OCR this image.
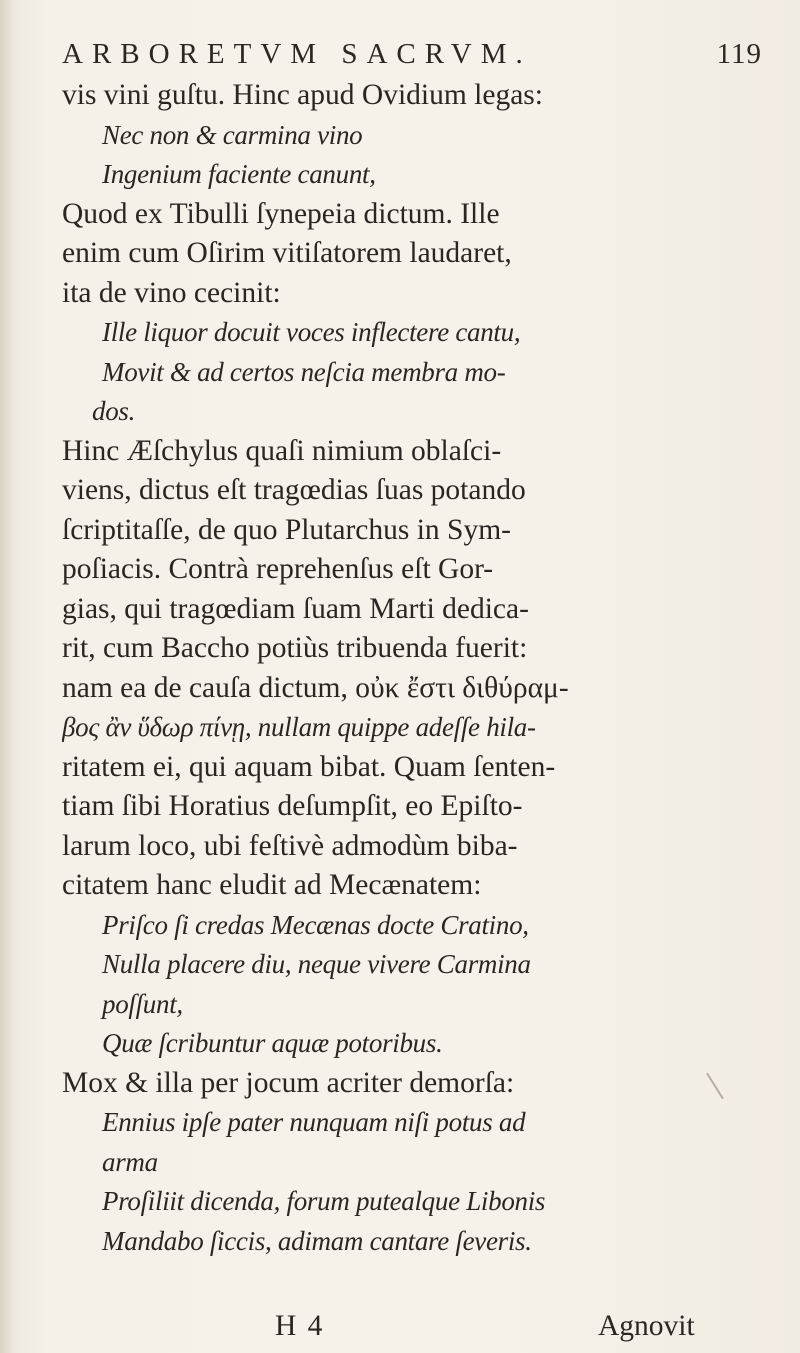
ARBORETVM SACRVM.	119
vis vini guſtu. Hinc apud Ovidium legas:
Nec non & carmina vino
Ingenium faciente canunt,
Quod ex Tibulli ſynepeia dictum. Ille
enim cum Oſirim vitiſatorem laudaret,
ita de vino cecinit:
Ille liquor docuit voces inflectere cantu,
Movit & ad certos neſcia membra mo-
dos.
Hinc Æſchylus quaſi nimium oblaſci-
viens, dictus eſt tragœdias ſuas potando
ſcriptitaſſe, de quo Plutarchus in Sym-
poſiacis. Contrà reprehenſus eſt Gor-
gias, qui tragœdiam ſuam Marti dedica-
rit, cum Baccho potiùs tribuenda fuerit:
nam ea de cauſa dictum, οὐκ ἔστι διθύραμ-
βος ἂν ὕδωρ πίνῃ, nullam quippe adeſſe hila-
ritatem ei, qui aquam bibat. Quam ſenten-
tiam ſibi Horatius deſumpſit, eo Epiſto-
larum loco, ubi feſtivè admodùm biba-
citatem hanc eludit ad Mecænatem:
Priſco ſi credas Mecænas docte Cratino,
Nulla placere diu, neque vivere Carmina
poſſunt,
Quæ ſcribuntur aquæ potoribus.
Mox & illa per jocum acriter demorſa:
Ennius ipſe pater nunquam niſi potus ad
arma
Proſiliit dicenda, forum putealque Libonis
Mandabo ſiccis, adimam cantare ſeveris.
H 4	Agnovit
